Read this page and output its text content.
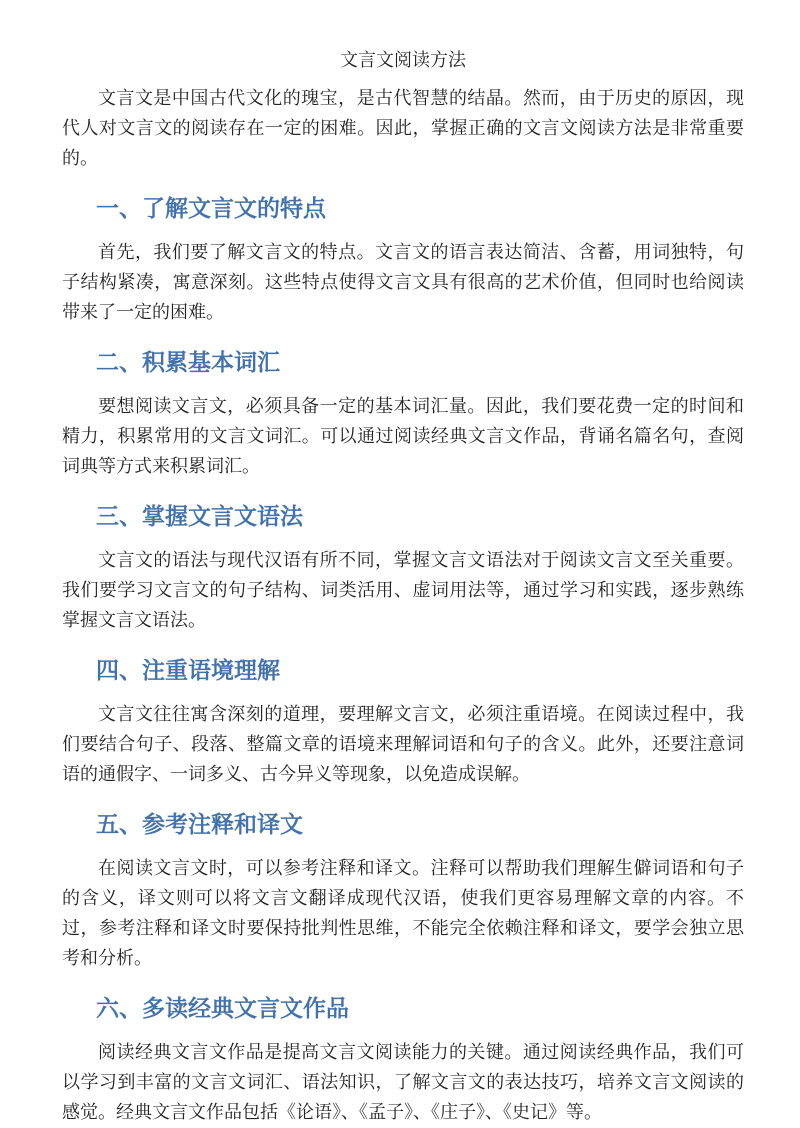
文言文阅读方法

文言文是中国古代文化的瑰宝，是古代智慧的结晶。然而，由于历史的原因，现代人对文言文的阅读存在一定的困难。因此，掌握正确的文言文阅读方法是非常重要的。

一、了解文言文的特点

首先，我们要了解文言文的特点。文言文的语言表达简洁、含蓄，用词独特，句子结构紧凑，寓意深刻。这些特点使得文言文具有很高的艺术价值，但同时也给阅读带来了一定的困难。

二、积累基本词汇

要想阅读文言文，必须具备一定的基本词汇量。因此，我们要花费一定的时间和精力，积累常用的文言文词汇。可以通过阅读经典文言文作品，背诵名篇名句，查阅词典等方式来积累词汇。

三、掌握文言文语法

文言文的语法与现代汉语有所不同，掌握文言文语法对于阅读文言文至关重要。我们要学习文言文的句子结构、词类活用、虚词用法等，通过学习和实践，逐步熟练掌握文言文语法。

四、注重语境理解

文言文往往寓含深刻的道理，要理解文言文，必须注重语境。在阅读过程中，我们要结合句子、段落、整篇文章的语境来理解词语和句子的含义。此外，还要注意词语的通假字、一词多义、古今异义等现象，以免造成误解。

五、参考注释和译文

在阅读文言文时，可以参考注释和译文。注释可以帮助我们理解生僻词语和句子的含义，译文则可以将文言文翻译成现代汉语，使我们更容易理解文章的内容。不过，参考注释和译文时要保持批判性思维，不能完全依赖注释和译文，要学会独立思考和分析。

六、多读经典文言文作品

阅读经典文言文作品是提高文言文阅读能力的关键。通过阅读经典作品，我们可以学习到丰富的文言文词汇、语法知识，了解文言文的表达技巧，培养文言文阅读的感觉。经典文言文作品包括《论语》、《孟子》、《庄子》、《史记》等。
